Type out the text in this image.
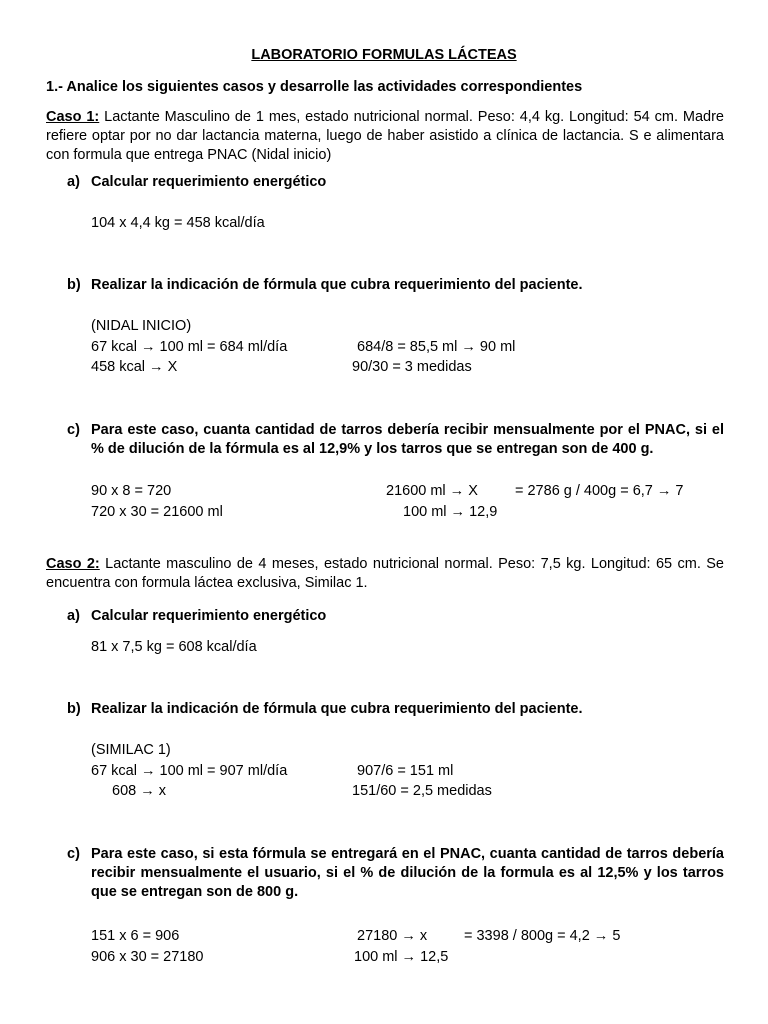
LABORATORIO FORMULAS LÁCTEAS
1.- Analice los siguientes casos y desarrolle las actividades correspondientes
Caso 1: Lactante Masculino de 1 mes, estado nutricional normal. Peso: 4,4 kg. Longitud: 54 cm. Madre refiere optar por no dar lactancia materna, luego de haber asistido a clínica de lactancia. S e alimentara con formula que entrega PNAC (Nidal inicio)
a) Calcular requerimiento energético
104 x 4,4 kg = 458 kcal/día
b) Realizar la indicación de fórmula que cubra requerimiento del paciente.
(NIDAL INICIO)
67 kcal → 100 ml = 684 ml/día	684/8 = 85,5 ml → 90 ml
458 kcal → X	90/30 = 3 medidas
c) Para este caso, cuanta cantidad de tarros debería recibir mensualmente por el PNAC, si el % de dilución de la fórmula es al 12,9% y los tarros que se entregan son de 400 g.
90 x 8 = 720	21600 ml → X	= 2786 g / 400g = 6,7 → 7
720 x 30 = 21600 ml	100 ml → 12,9
Caso 2: Lactante masculino de 4 meses, estado nutricional normal. Peso: 7,5 kg. Longitud: 65 cm. Se encuentra con formula láctea exclusiva, Similac 1.
a) Calcular requerimiento energético
81 x 7,5 kg = 608 kcal/día
b) Realizar la indicación de fórmula que cubra requerimiento del paciente.
(SIMILAC 1)
67 kcal → 100 ml = 907 ml/día	907/6 = 151 ml
608 → x	151/60 = 2,5 medidas
c) Para este caso, si esta fórmula se entregará en el PNAC, cuanta cantidad de tarros debería recibir mensualmente el usuario, si el % de dilución de la formula es al 12,5% y los tarros que se entregan son de 800 g.
151 x 6 = 906	27180 → x	= 3398 / 800g = 4,2 → 5
906 x 30 = 27180	100 ml → 12,5
